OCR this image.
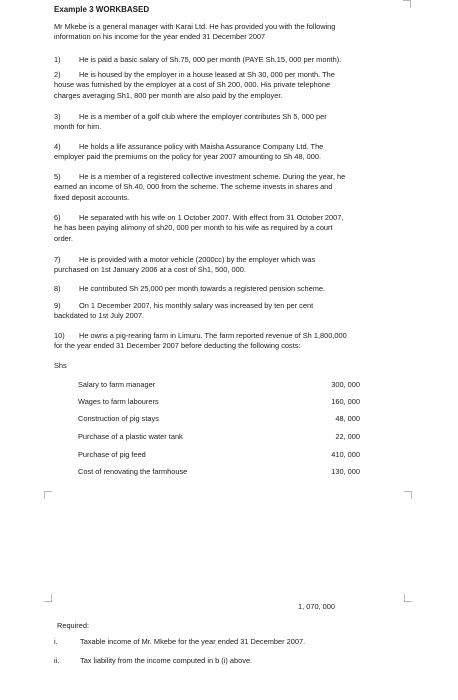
Example 3 WORKBASED
Mr Mkebe is a general manager with Karai Ltd. He has provided you with the following
information on his income for the year ended 31 December 2007
1) He is paid a basic salary of Sh.75, 000 per month (PAYE Sh.15, 000 per month).
2) He is housed by the employer in a house leased at Sh 30, 000 per month. The
house was furnished by the employer at a cost of Sh 200, 000. His private telephone
charges averaging Sh1, 800 per month are also paid by the employer.
3) He is a member of a golf club where the employer contributes Sh 5, 000 per
month for him.
4) He holds a life assurance policy with Maisha Assurance Company Ltd. The
employer paid the premiums on the policy for year 2007 amounting to Sh 48, 000.
5) He is a member of a registered collective investment scheme. During the year, he
earned an income of Sh.40, 000 from the scheme. The scheme invests in shares and
fixed deposit accounts.
6) He separated with his wife on 1 October 2007. With effect from 31 October 2007,
he has been paying alimony of sh20, 000 per month to his wife as required by a court
order.
7) He is provided with a motor vehicle (2000cc) by the employer which was
purchased on 1st January 2006 at a cost of Sh1, 500, 000.
8) He contributed Sh 25,000 per month towards a registered pension scheme.
9) On 1 December 2007, his monthly salary was increased by ten per cent
backdated to 1st July 2007.
10) He owns a pig-rearing farm in Limuru. The farm reported revenue of Sh 1,800,000
for the year ended 31 December 2007 before deducting the following costs:
Shs
Salary to farm manager	300, 000
Wages to farm labourers	160, 000
Construction of pig stays	48, 000
Purchase of a plastic water tank	22, 000
Purchase of pig feed	410, 000
Cost of renovating the farmhouse	130, 000
1, 070, 000
Required:
i.	Taxable income of Mr. Mkebe for the year ended 31 December 2007.
ii.	Tax liability from the income computed in b (i) above.
